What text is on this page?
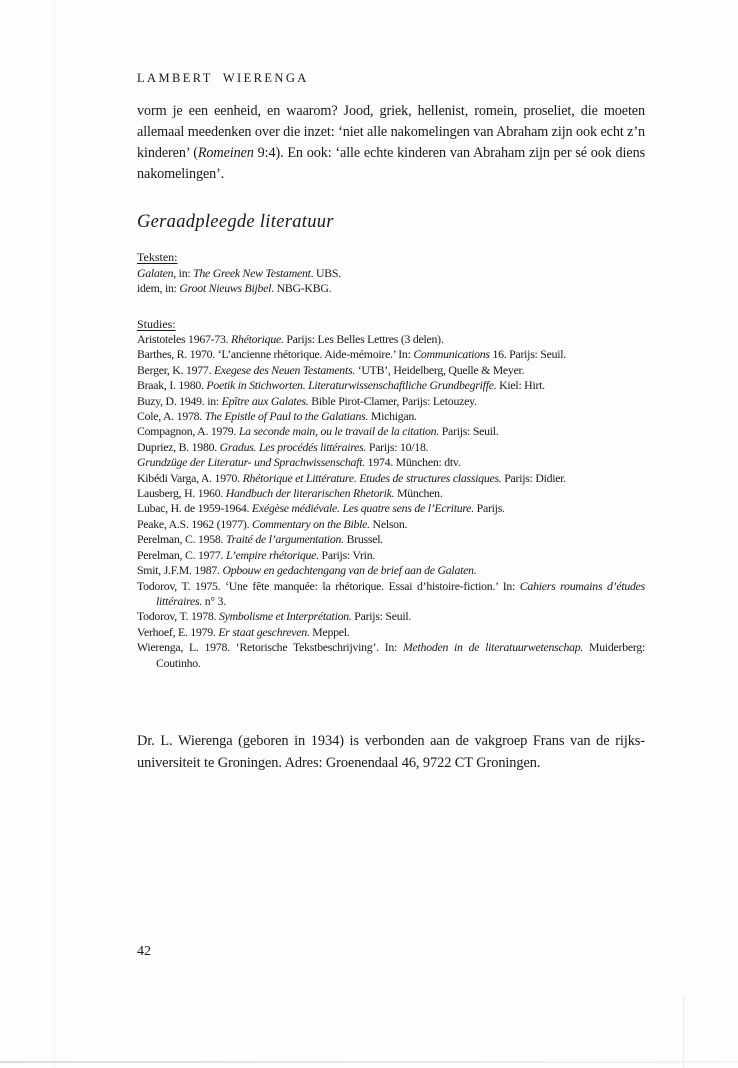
LAMBERT WIERENGA

vorm je een eenheid, en waarom? Jood, griek, hellenist, romein, proseliet, die moeten allemaal meedenken over die inzet: ‘niet alle nakomelingen van Abraham zijn ook echt z’n kinderen’ (Romeinen 9:4). En ook: ‘alle echte kinderen van Abraham zijn per sé ook diens nakomelingen’.

Geraadpleegde literatuur
Teksten:

Galaten, in: The Greek New Testament. UBS.

idem, in: Groot Nieuws Bijbel. NBG-KBG.

Studies:

Aristoteles 1967-73. Rhétorique. Parijs: Les Belles Lettres (3 delen).

Barthes, R. 1970. ‘L’ancienne rhétorique. Aide-mémoire.’ In: Communications 16. Parijs: Seuil.

Berger, K. 1977. Exegese des Neuen Testaments. ‘UTB’, Heidelberg, Quelle & Meyer.

Braak, I. 1980. Poetik in Stichworten. Literaturwissenschaftliche Grundbegriffe. Kiel: Hirt.

Buzy, D. 1949. in: Epître aux Galates. Bible Pirot-Clamer, Parijs: Letouzey.

Cole, A. 1978. The Epistle of Paul to the Galatians. Michigan.

Compagnon, A. 1979. La seconde main, ou le travail de la citation. Parijs: Seuil.

Dupriez, B. 1980. Gradus. Les procédés littéraires. Parijs: 10/18.

Grundzüge der Literatur- und Sprachwissenschaft. 1974. München: dtv.

Kibédi Varga, A. 1970. Rhétorique et Littérature. Etudes de structures classiques. Parijs: Didier.

Lausberg, H. 1960. Handbuch der literarischen Rhetorik. München.

Lubac, H. de 1959-1964. Exégèse médiévale. Les quatre sens de l’Ecriture. Parijs.

Peake, A.S. 1962 (1977). Commentary on the Bible. Nelson.

Perelman, C. 1958. Traité de l’argumentation. Brussel.

Perelman, C. 1977. L’empire rhétorique. Parijs: Vrin.

Smit, J.F.M. 1987. Opbouw en gedachtengang van de brief aan de Galaten.

Todorov, T. 1975. ‘Une fête manquée: la rhétorique. Essai d’histoire-fiction.’ In: Cahiers roumains d’études littéraires. n° 3.

Todorov, T. 1978. Symbolisme et Interprétation. Parijs: Seuil.

Verhoef, E. 1979. Er staat geschreven. Meppel.

Wierenga, L. 1978. ‘Retorische Tekstbeschrijving’. In: Methoden in de literatuurwetenschap. Muiderberg: Coutinho.

Dr. L. Wierenga (geboren in 1934) is verbonden aan de vakgroep Frans van de rijks-universiteit te Groningen. Adres: Groenendaal 46, 9722 CT Groningen.

42
